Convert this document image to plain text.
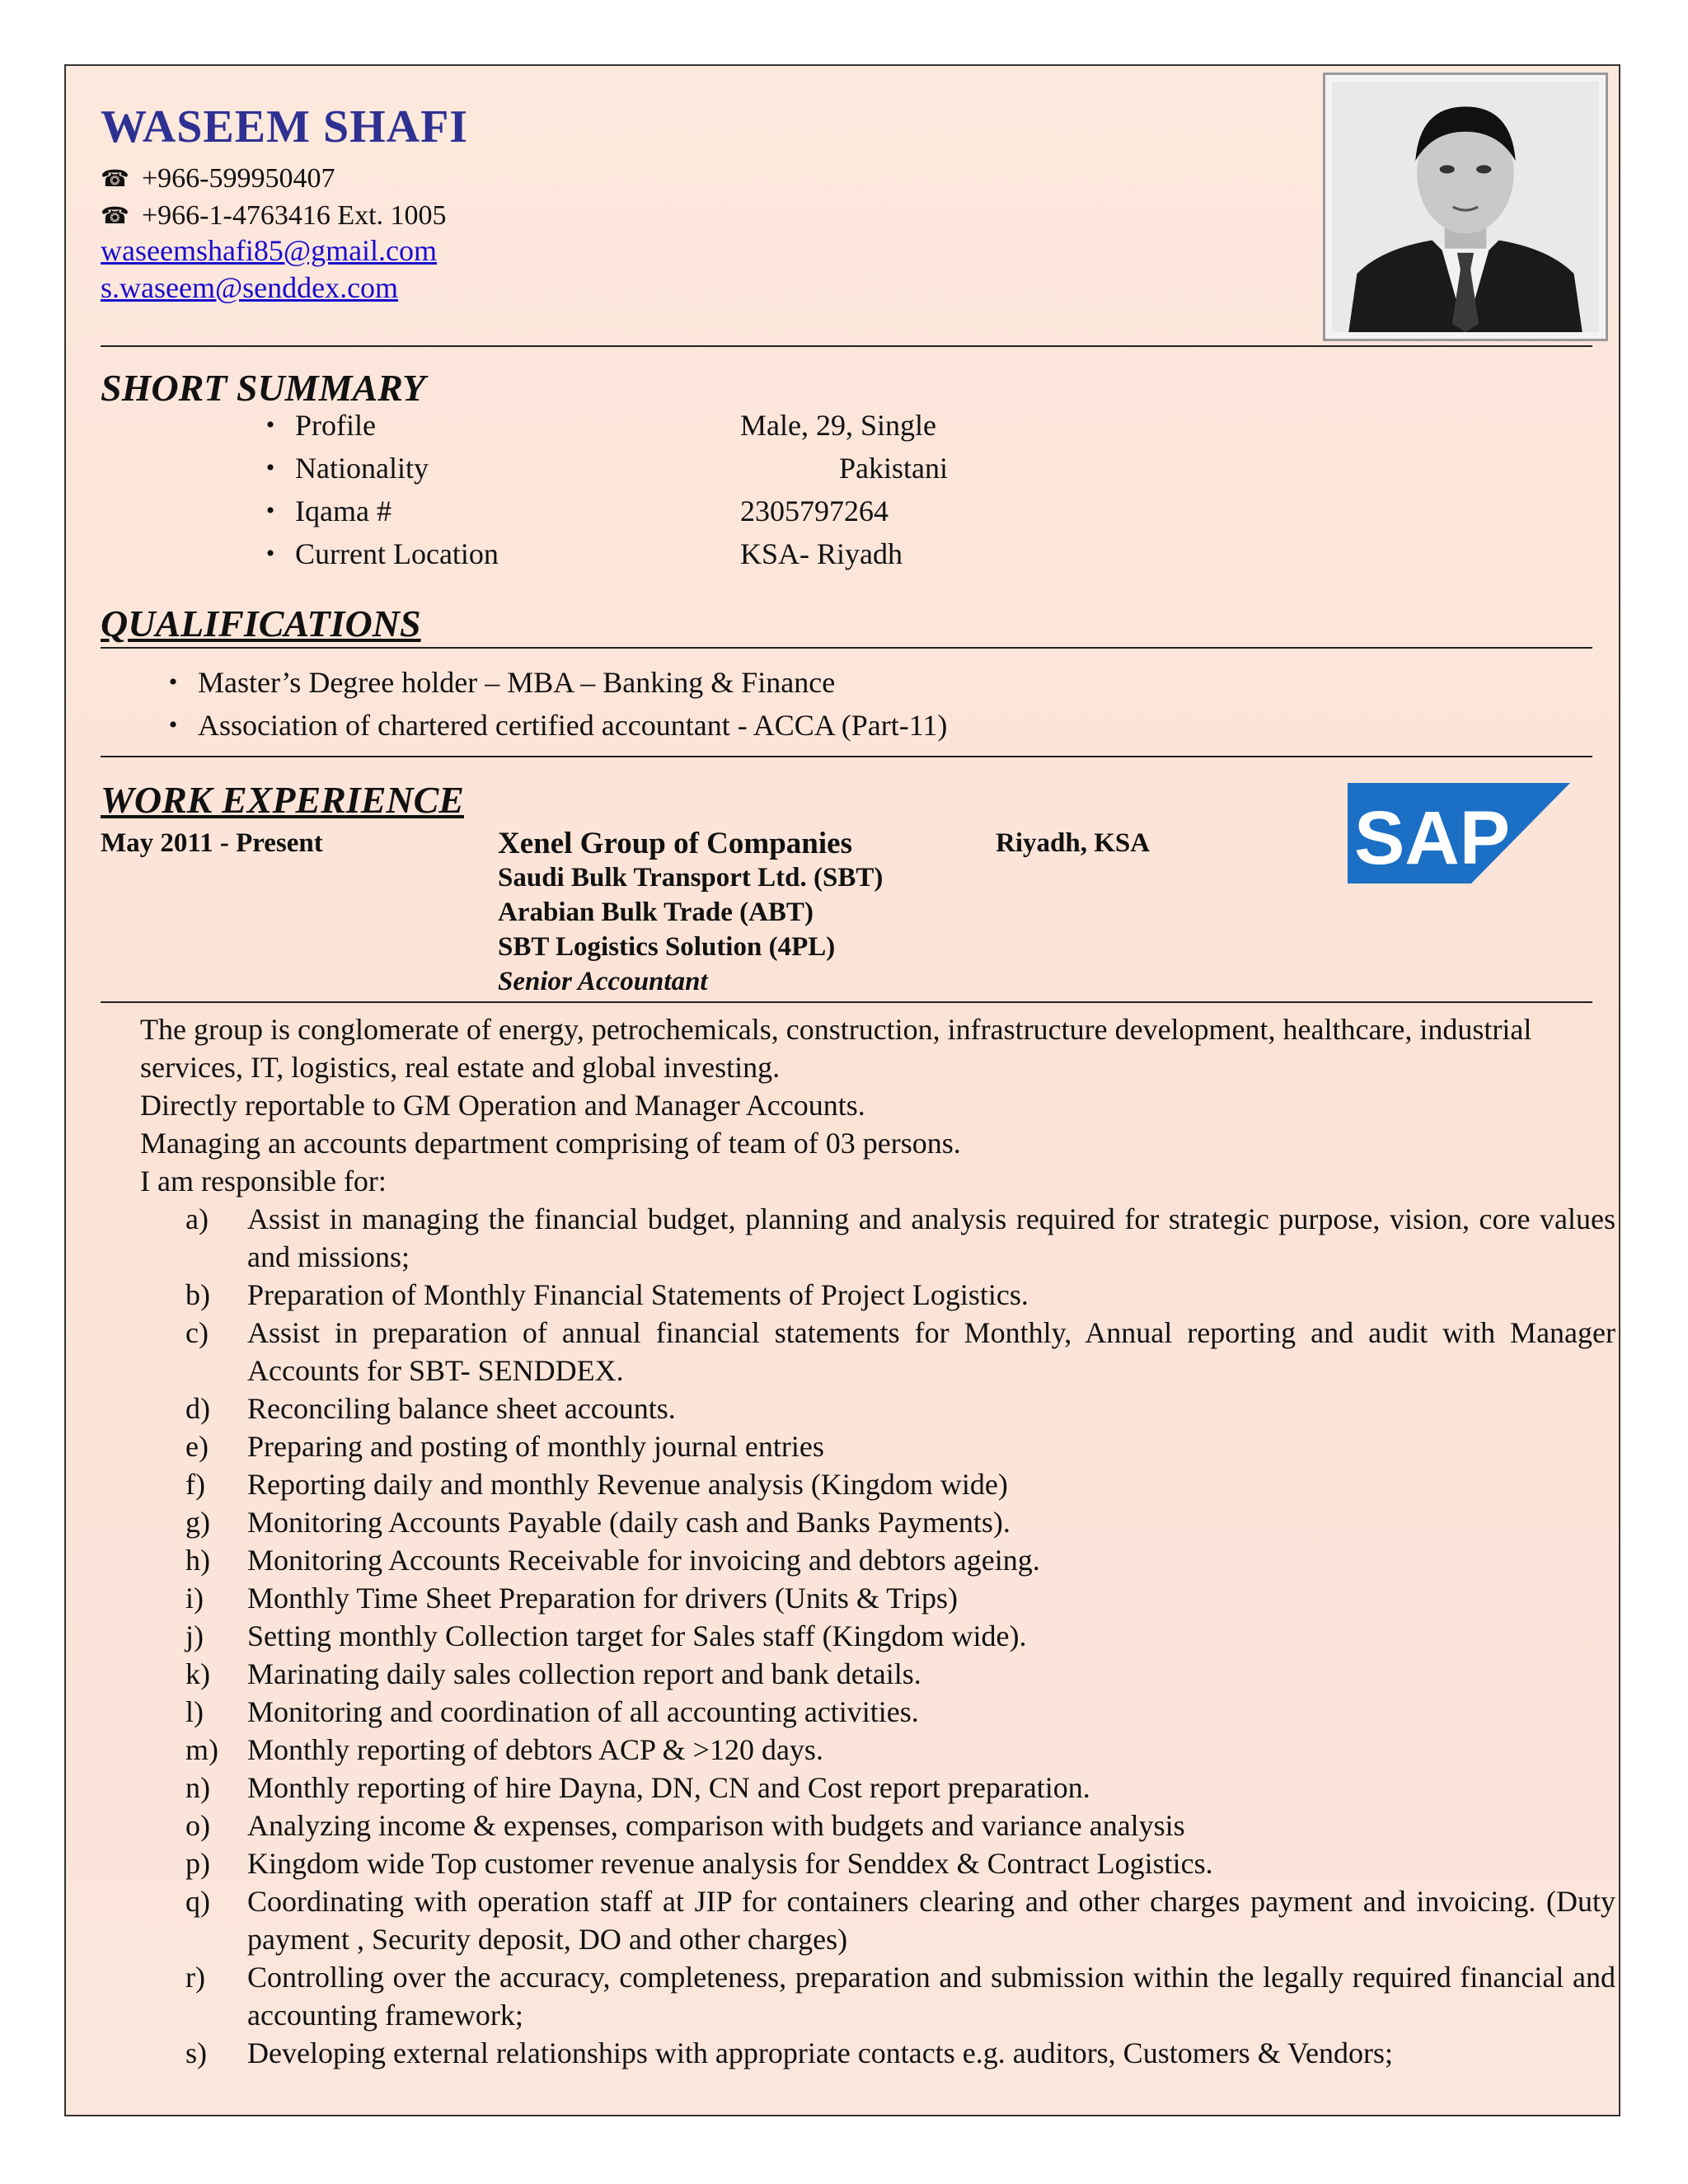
WASEEM SHAFI
☎ +966-599950407
☎ +966-1-4763416 Ext. 1005
waseemshafi85@gmail.com
s.waseem@senddex.com
SHORT SUMMARY
• Profile	Male, 29, Single
• Nationality	Pakistani
• Iqama #	2305797264
• Current Location	KSA- Riyadh
QUALIFICATIONS
• Master’s Degree holder – MBA – Banking & Finance
• Association of chartered certified accountant - ACCA (Part-11)
WORK EXPERIENCE
May 2011 - Present	Xenel Group of Companies	Riyadh, KSA
Saudi Bulk Transport Ltd. (SBT)
Arabian Bulk Trade (ABT)
SBT Logistics Solution (4PL)
Senior Accountant
SAP
The group is conglomerate of energy, petrochemicals, construction, infrastructure development, healthcare, industrial services, IT, logistics, real estate and global investing.
Directly reportable to GM Operation and Manager Accounts.
Managing an accounts department comprising of team of 03 persons.
I am responsible for:
a)	Assist in managing the financial budget, planning and analysis required for strategic purpose, vision, core values and missions;
b)	Preparation of Monthly Financial Statements of Project Logistics.
c)	Assist in preparation of annual financial statements for Monthly, Annual reporting and audit with Manager Accounts for SBT- SENDDEX.
d)	Reconciling balance sheet accounts.
e)	Preparing and posting of monthly journal entries
f)	Reporting daily and monthly Revenue analysis (Kingdom wide)
g)	Monitoring Accounts Payable (daily cash and Banks Payments).
h)	Monitoring Accounts Receivable for invoicing and debtors ageing.
i)	Monthly Time Sheet Preparation for drivers (Units & Trips)
j)	Setting monthly Collection target for Sales staff (Kingdom wide).
k)	Marinating daily sales collection report and bank details.
l)	Monitoring and coordination of all accounting activities.
m) Monthly reporting of debtors ACP & >120 days.
n)	Monthly reporting of hire Dayna, DN, CN and Cost report preparation.
o)	Analyzing income & expenses, comparison with budgets and variance analysis
p)	Kingdom wide Top customer revenue analysis for Senddex & Contract Logistics.
q)	Coordinating with operation staff at JIP for containers clearing and other charges payment and invoicing. (Duty payment , Security deposit, DO and other charges)
r)	Controlling over the accuracy, completeness, preparation and submission within the legally required financial and accounting framework;
s)	Developing external relationships with appropriate contacts e.g. auditors, Customers & Vendors;
